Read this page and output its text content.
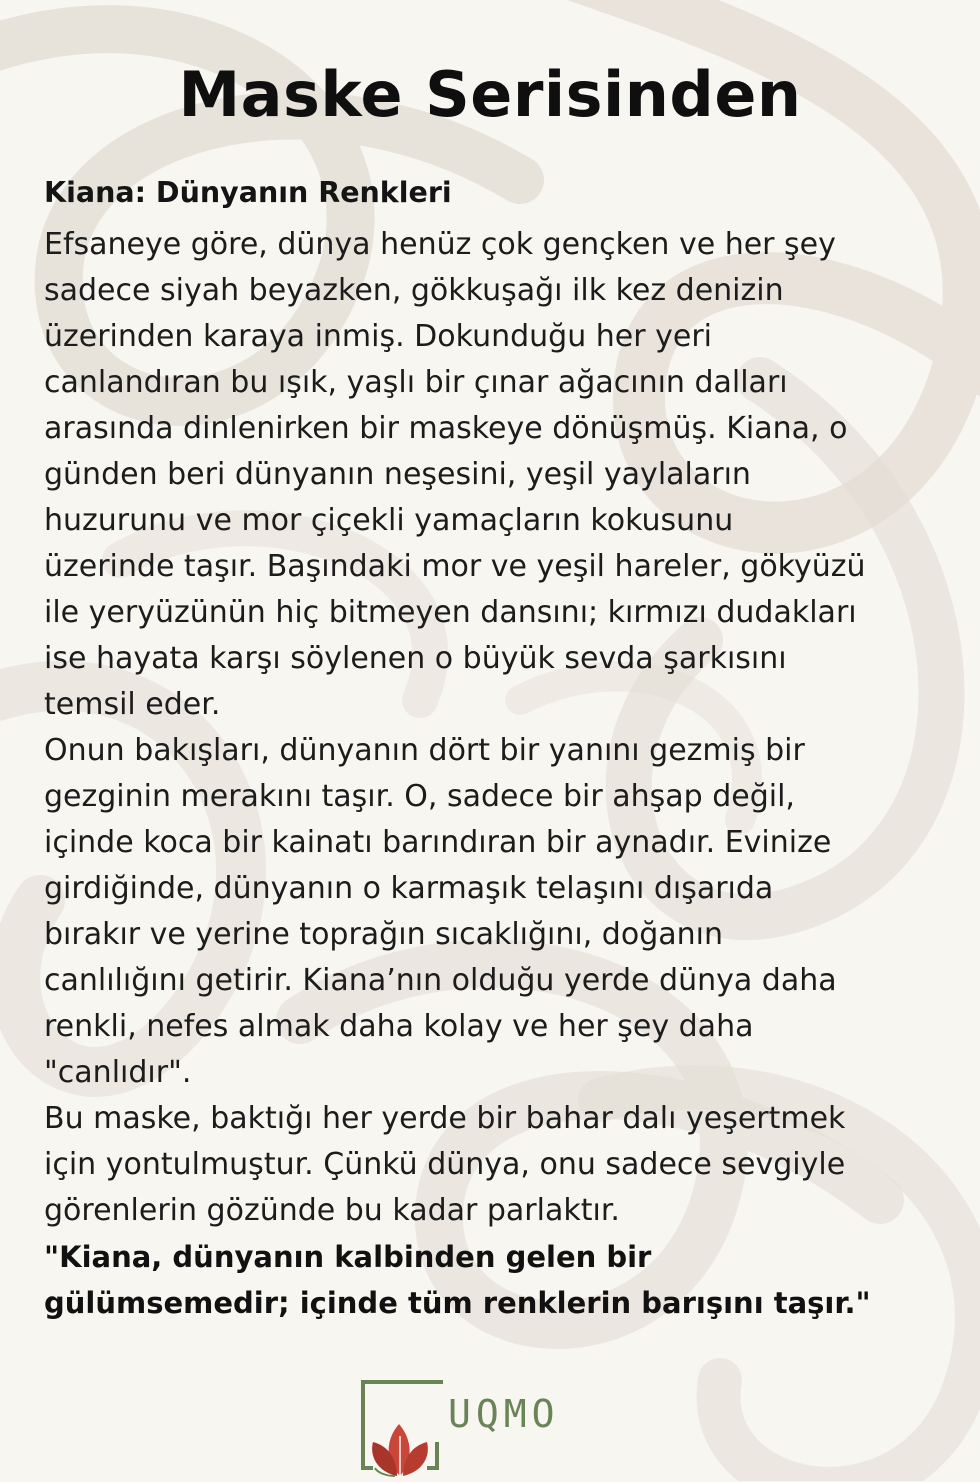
Maske Serisinden
Kiana: Dünyanın Renkleri
Efsaneye göre, dünya henüz çok gençken ve her şey
sadece siyah beyazken, gökkuşağı ilk kez denizin
üzerinden karaya inmiş. Dokunduğu her yeri
canlandıran bu ışık, yaşlı bir çınar ağacının dalları
arasında dinlenirken bir maskeye dönüşmüş. Kiana, o
günden beri dünyanın neşesini, yeşil yaylaların
huzurunu ve mor çiçekli yamaçların kokusunu
üzerinde taşır. Başındaki mor ve yeşil hareler, gökyüzü
ile yeryüzünün hiç bitmeyen dansını; kırmızı dudakları
ise hayata karşı söylenen o büyük sevda şarkısını
temsil eder.
Onun bakışları, dünyanın dört bir yanını gezmiş bir
gezginin merakını taşır. O, sadece bir ahşap değil,
içinde koca bir kainatı barındıran bir aynadır. Evinize
girdiğinde, dünyanın o karmaşık telaşını dışarıda
bırakır ve yerine toprağın sıcaklığını, doğanın
canlılığını getirir. Kiana’nın olduğu yerde dünya daha
renkli, nefes almak daha kolay ve her şey daha
"canlıdır".
Bu maske, baktığı her yerde bir bahar dalı yeşertmek
için yontulmuştur. Çünkü dünya, onu sadece sevgiyle
görenlerin gözünde bu kadar parlaktır.
"Kiana, dünyanın kalbinden gelen bir
gülümsemedir; içinde tüm renklerin barışını taşır."
UQMO
